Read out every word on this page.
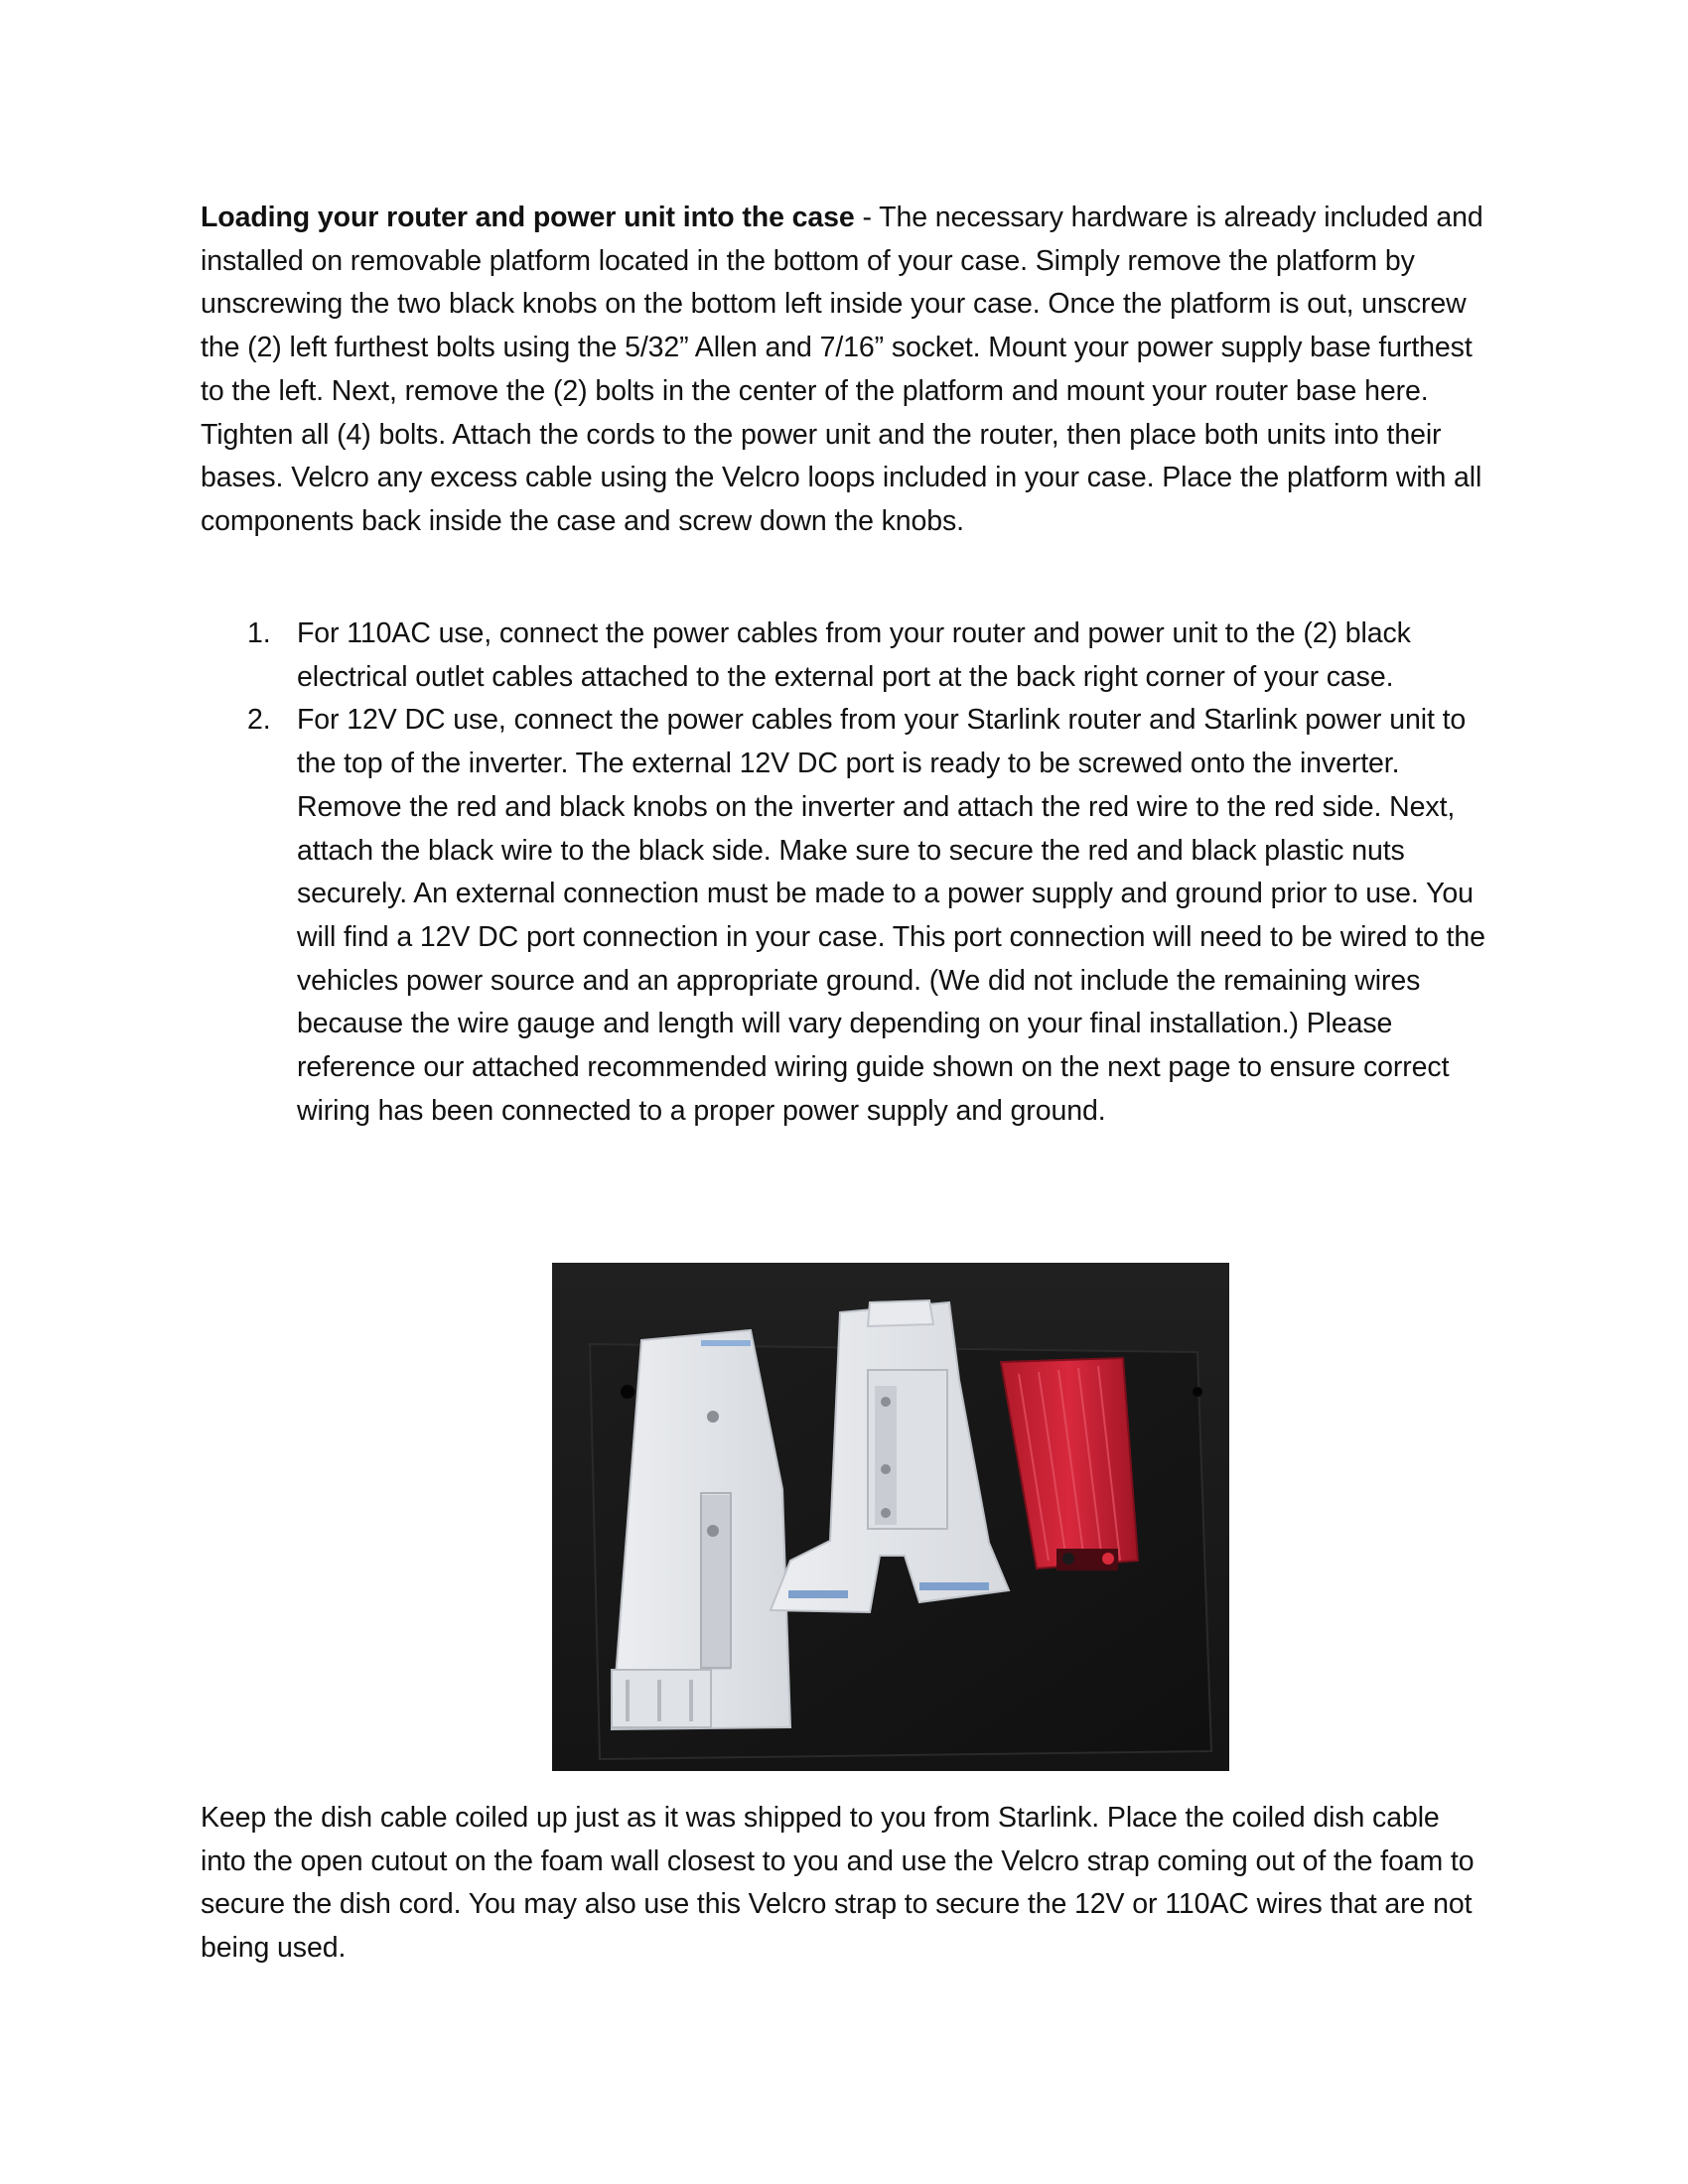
Loading your router and power unit into the case - The necessary hardware is already included and installed on removable platform located in the bottom of your case. Simply remove the platform by unscrewing the two black knobs on the bottom left inside your case. Once the platform is out, unscrew the (2) left furthest bolts using the 5/32” Allen and 7/16” socket. Mount your power supply base furthest to the left. Next, remove the (2) bolts in the center of the platform and mount your router base here. Tighten all (4) bolts. Attach the cords to the power unit and the router, then place both units into their bases. Velcro any excess cable using the Velcro loops included in your case. Place the platform with all components back inside the case and screw down the knobs.

1. For 110AC use, connect the power cables from your router and power unit to the (2) black electrical outlet cables attached to the external port at the back right corner of your case.
2. For 12V DC use, connect the power cables from your Starlink router and Starlink power unit to the top of the inverter. The external 12V DC port is ready to be screwed onto the inverter. Remove the red and black knobs on the inverter and attach the red wire to the red side. Next, attach the black wire to the black side. Make sure to secure the red and black plastic nuts securely. An external connection must be made to a power supply and ground prior to use. You will find a 12V DC port connection in your case. This port connection will need to be wired to the vehicles power source and an appropriate ground. (We did not include the remaining wires because the wire gauge and length will vary depending on your final installation.) Please reference our attached recommended wiring guide shown on the next page to ensure correct wiring has been connected to a proper power supply and ground.

Keep the dish cable coiled up just as it was shipped to you from Starlink. Place the coiled dish cable into the open cutout on the foam wall closest to you and use the Velcro strap coming out of the foam to secure the dish cord. You may also use this Velcro strap to secure the 12V or 110AC wires that are not being used.
